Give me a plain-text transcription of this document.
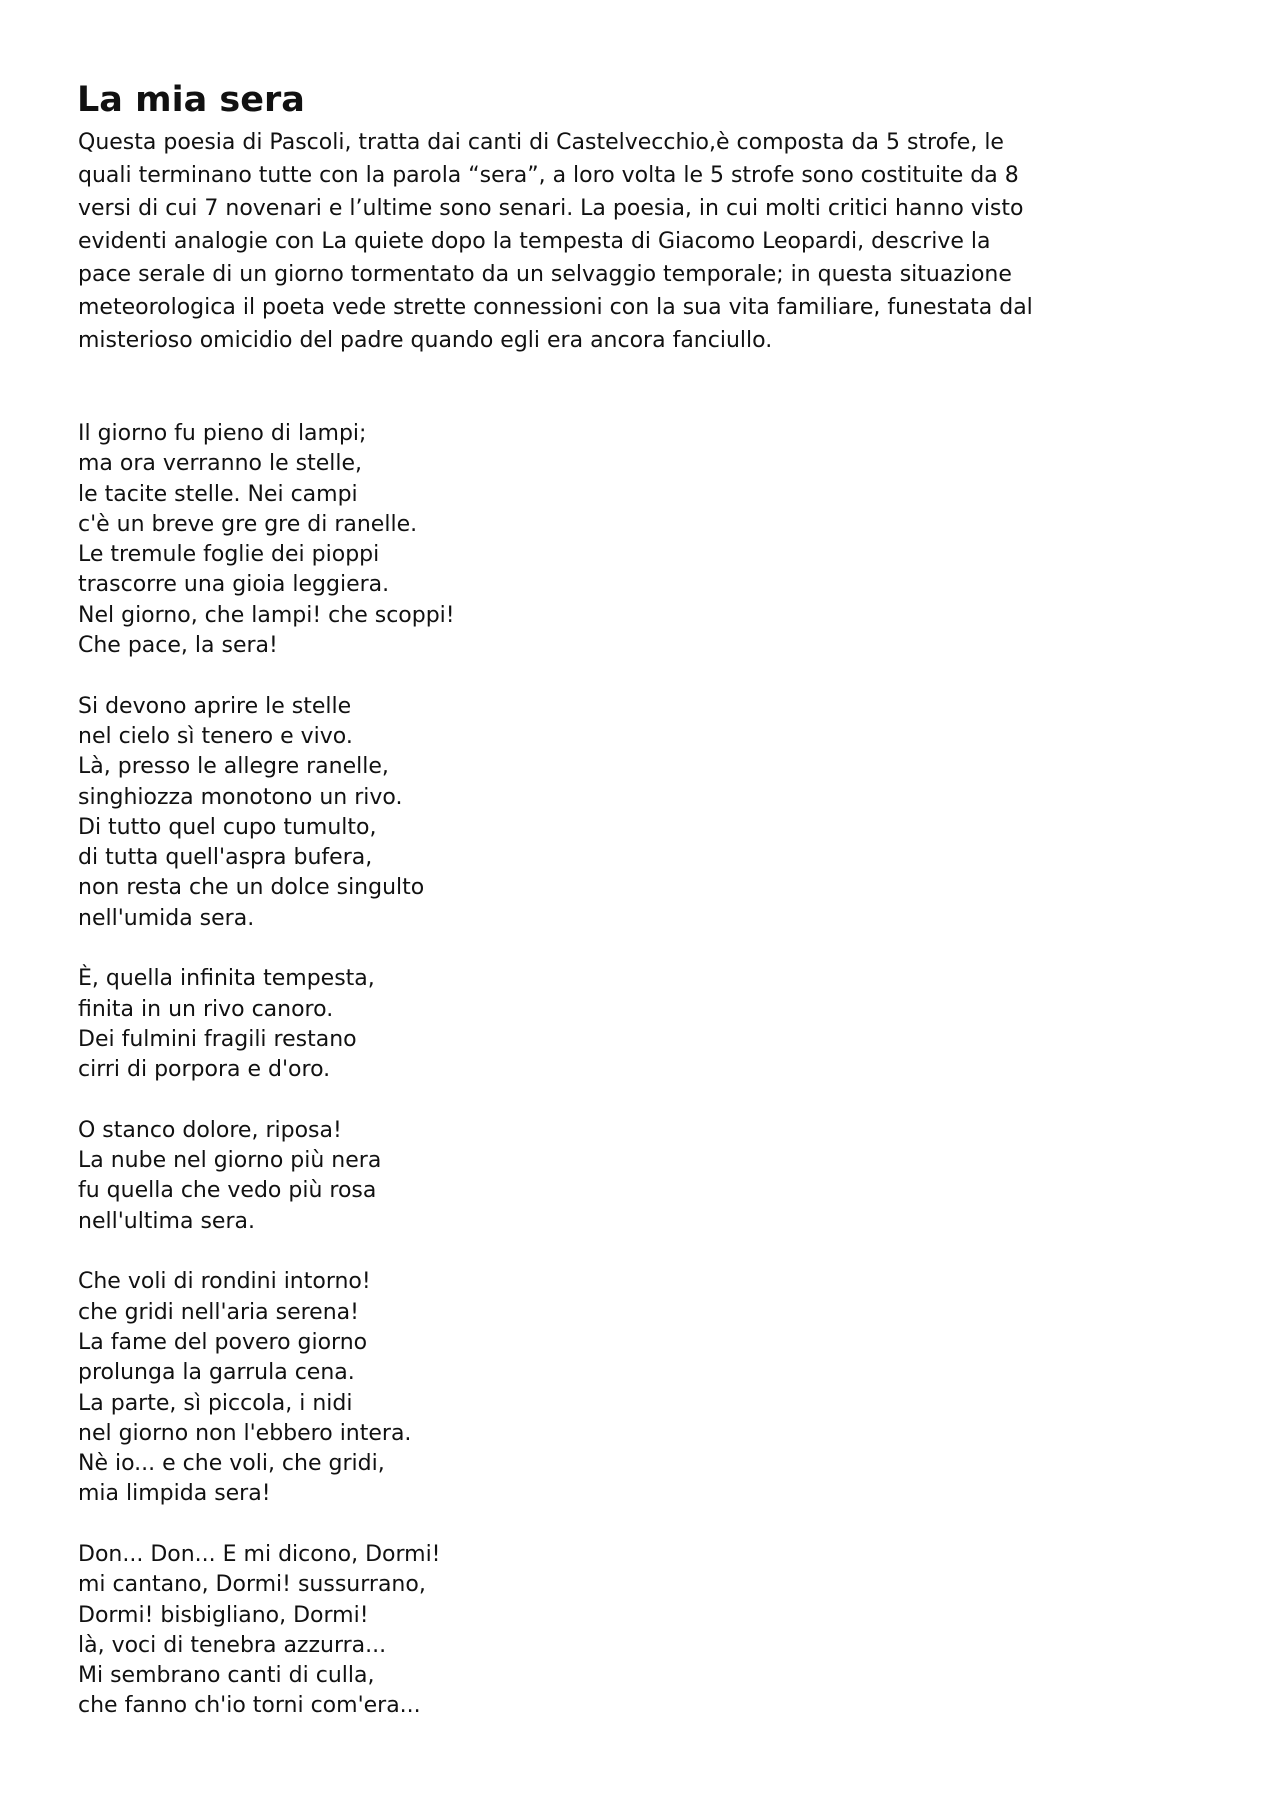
La mia sera
Questa poesia di Pascoli, tratta dai canti di Castelvecchio,è composta da 5 strofe, le
quali terminano tutte con la parola “sera”, a loro volta le 5 strofe sono costituite da 8
versi di cui 7 novenari e l’ultime sono senari. La poesia, in cui molti critici hanno visto
evidenti analogie con La quiete dopo la tempesta di Giacomo Leopardi, descrive la
pace serale di un giorno tormentato da un selvaggio temporale; in questa situazione
meteorologica il poeta vede strette connessioni con la sua vita familiare, funestata dal
misterioso omicidio del padre quando egli era ancora fanciullo.
Il giorno fu pieno di lampi;
ma ora verranno le stelle,
le tacite stelle. Nei campi
c'è un breve gre gre di ranelle.
Le tremule foglie dei pioppi
trascorre una gioia leggiera.
Nel giorno, che lampi! che scoppi!
Che pace, la sera!
Si devono aprire le stelle
nel cielo sì tenero e vivo.
Là, presso le allegre ranelle,
singhiozza monotono un rivo.
Di tutto quel cupo tumulto,
di tutta quell'aspra bufera,
non resta che un dolce singulto
nell'umida sera.
È, quella infinita tempesta,
finita in un rivo canoro.
Dei fulmini fragili restano
cirri di porpora e d'oro.
O stanco dolore, riposa!
La nube nel giorno più nera
fu quella che vedo più rosa
nell'ultima sera.
Che voli di rondini intorno!
che gridi nell'aria serena!
La fame del povero giorno
prolunga la garrula cena.
La parte, sì piccola, i nidi
nel giorno non l'ebbero intera.
Nè io... e che voli, che gridi,
mia limpida sera!
Don... Don... E mi dicono, Dormi!
mi cantano, Dormi! sussurrano,
Dormi! bisbigliano, Dormi!
là, voci di tenebra azzurra...
Mi sembrano canti di culla,
che fanno ch'io torni com'era...
